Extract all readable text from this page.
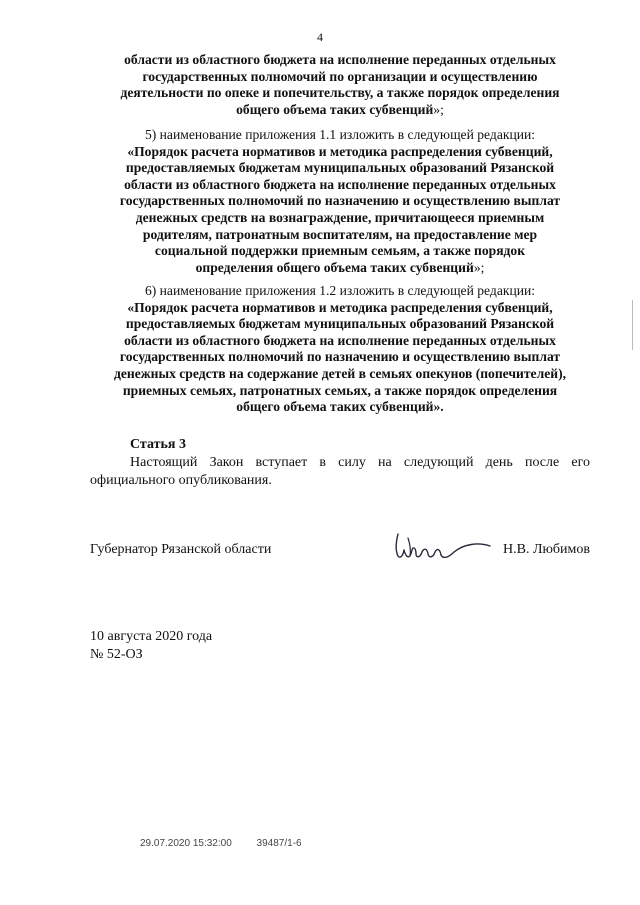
4
области из областного бюджета на исполнение переданных отдельных
государственных полномочий по организации и осуществлению
деятельности по опеке и попечительству, а также порядок определения
общего объема таких субвенций»;
5) наименование приложения 1.1 изложить в следующей редакции:
«Порядок расчета нормативов и методика распределения субвенций,
предоставляемых бюджетам муниципальных образований Рязанской
области из областного бюджета на исполнение переданных отдельных
государственных полномочий по назначению и осуществлению выплат
денежных средств на вознаграждение, причитающееся приемным
родителям, патронатным воспитателям, на предоставление мер
социальной поддержки приемным семьям, а также порядок
определения общего объема таких субвенций»;
6) наименование приложения 1.2 изложить в следующей редакции:
«Порядок расчета нормативов и методика распределения субвенций,
предоставляемых бюджетам муниципальных образований Рязанской
области из областного бюджета на исполнение переданных отдельных
государственных полномочий по назначению и осуществлению выплат
денежных средств на содержание детей в семьях опекунов (попечителей),
приемных семьях, патронатных семьях, а также порядок определения
общего объема таких субвенций».

Статья 3

Настоящий Закон вступает в силу на следующий день после его официального опубликования.

Губернатор Рязанской области	Н.В. Любимов
10 августа 2020 года
№ 52-ОЗ
29.07.2020 15:32:00 39487/1-6
